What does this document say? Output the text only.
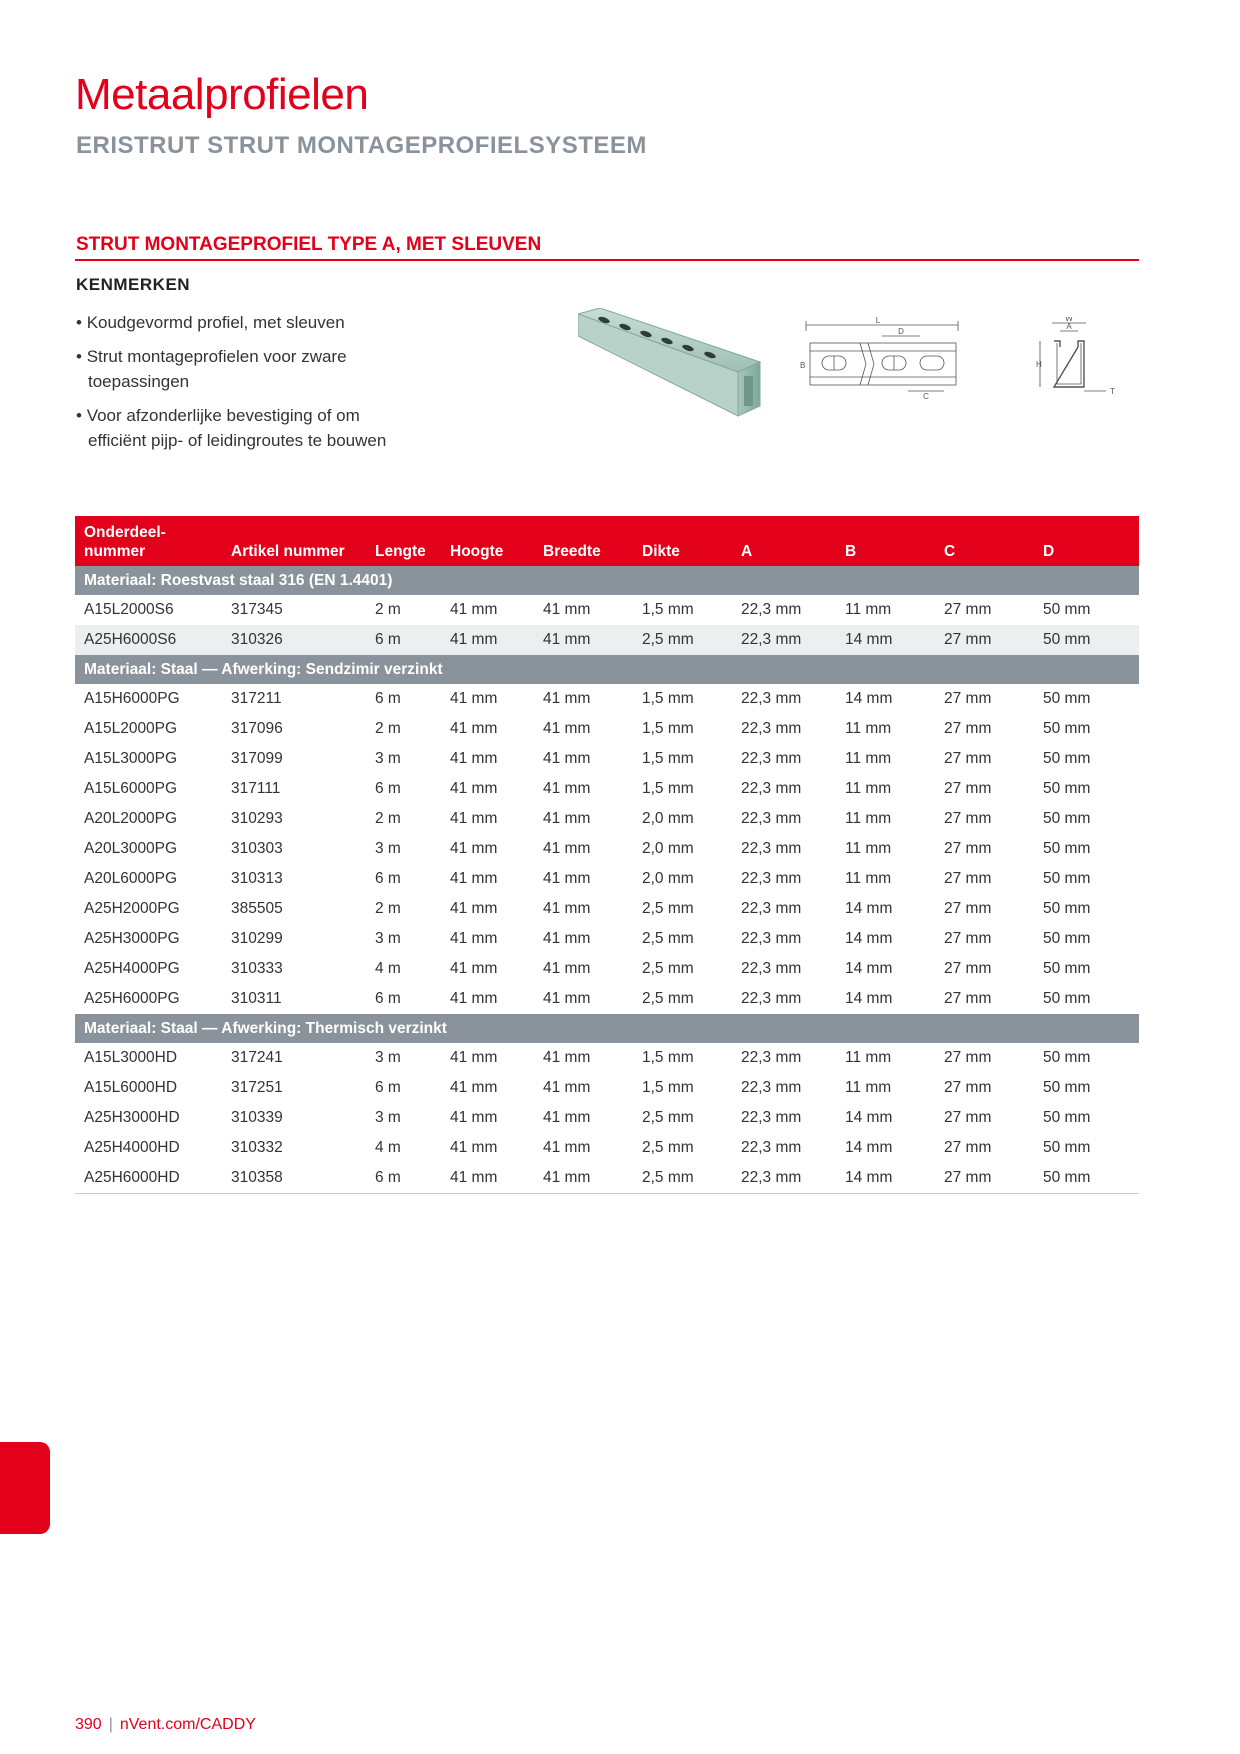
Metaalprofielen
ERISTRUT STRUT MONTAGEPROFIELSYSTEEM
STRUT MONTAGEPROFIEL TYPE A, MET SLEUVEN
KENMERKEN
• Koudgevormd profiel, met sleuven
• Strut montageprofielen voor zware toepassingen
• Voor afzonderlijke bevestiging of om efficiënt pijp- of leidingroutes te bouwen
L
D
B
C
W
A
H
T
Onderdeel-
nummer	Artikel nummer	Lengte	Hoogte	Breedte	Dikte	A	B	C	D
Materiaal: Roestvast staal 316 (EN 1.4401)									
A15L2000S6	317345	2 m	41 mm	41 mm	1,5 mm	22,3 mm	11 mm	27 mm	50 mm
A25H6000S6	310326	6 m	41 mm	41 mm	2,5 mm	22,3 mm	14 mm	27 mm	50 mm
Materiaal: Staal — Afwerking: Sendzimir verzinkt									
A15H6000PG	317211	6 m	41 mm	41 mm	1,5 mm	22,3 mm	14 mm	27 mm	50 mm
A15L2000PG	317096	2 m	41 mm	41 mm	1,5 mm	22,3 mm	11 mm	27 mm	50 mm
A15L3000PG	317099	3 m	41 mm	41 mm	1,5 mm	22,3 mm	11 mm	27 mm	50 mm
A15L6000PG	317111	6 m	41 mm	41 mm	1,5 mm	22,3 mm	11 mm	27 mm	50 mm
A20L2000PG	310293	2 m	41 mm	41 mm	2,0 mm	22,3 mm	11 mm	27 mm	50 mm
A20L3000PG	310303	3 m	41 mm	41 mm	2,0 mm	22,3 mm	11 mm	27 mm	50 mm
A20L6000PG	310313	6 m	41 mm	41 mm	2,0 mm	22,3 mm	11 mm	27 mm	50 mm
A25H2000PG	385505	2 m	41 mm	41 mm	2,5 mm	22,3 mm	14 mm	27 mm	50 mm
A25H3000PG	310299	3 m	41 mm	41 mm	2,5 mm	22,3 mm	14 mm	27 mm	50 mm
A25H4000PG	310333	4 m	41 mm	41 mm	2,5 mm	22,3 mm	14 mm	27 mm	50 mm
A25H6000PG	310311	6 m	41 mm	41 mm	2,5 mm	22,3 mm	14 mm	27 mm	50 mm
Materiaal: Staal — Afwerking: Thermisch verzinkt									
A15L3000HD	317241	3 m	41 mm	41 mm	1,5 mm	22,3 mm	11 mm	27 mm	50 mm
A15L6000HD	317251	6 m	41 mm	41 mm	1,5 mm	22,3 mm	11 mm	27 mm	50 mm
A25H3000HD	310339	3 m	41 mm	41 mm	2,5 mm	22,3 mm	14 mm	27 mm	50 mm
A25H4000HD	310332	4 m	41 mm	41 mm	2,5 mm	22,3 mm	14 mm	27 mm	50 mm
A25H6000HD	310358	6 m	41 mm	41 mm	2,5 mm	22,3 mm	14 mm	27 mm	50 mm
390 | nVent.com/CADDY
